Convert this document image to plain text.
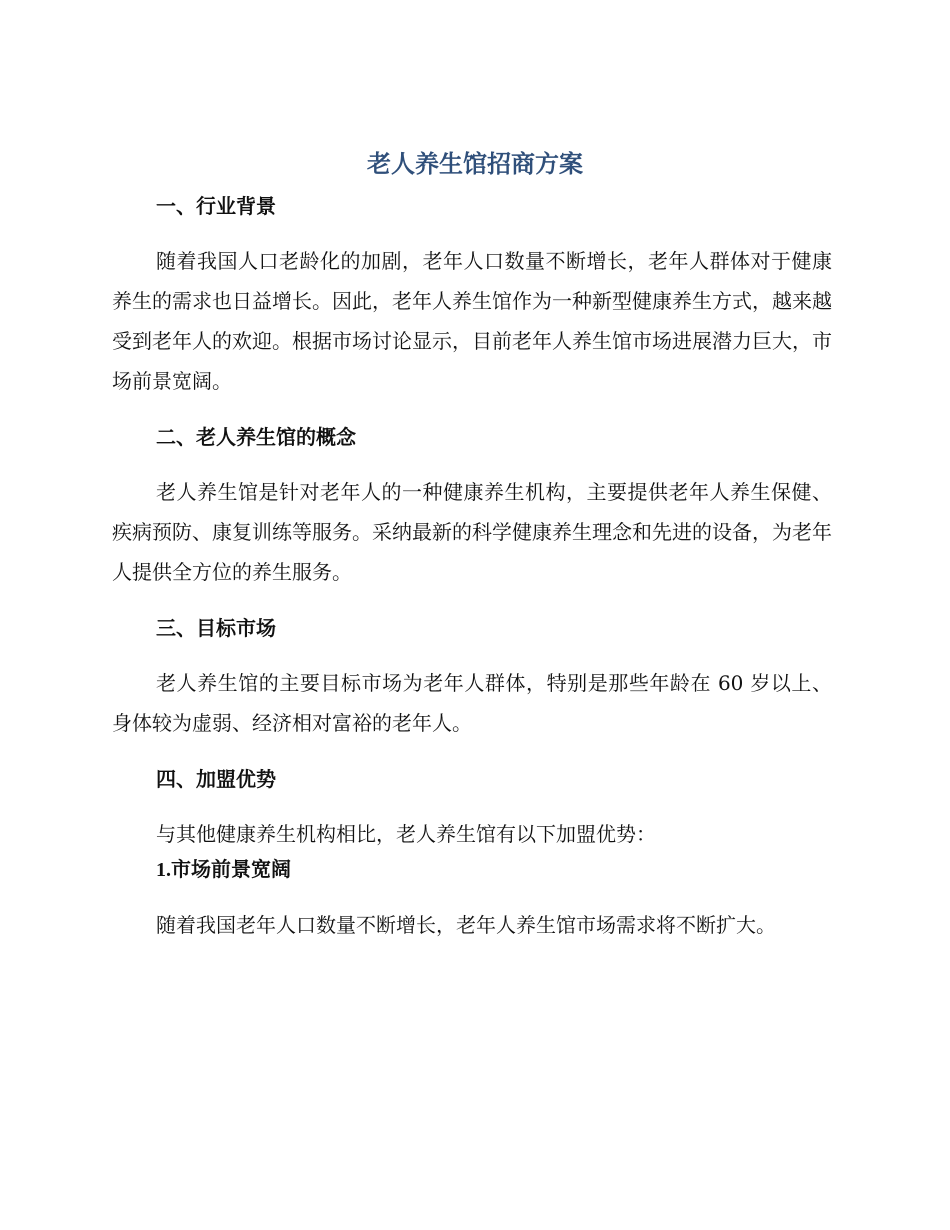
老人养生馆招商方案
一、行业背景

随着我国人口老龄化的加剧，老年人口数量不断增长，老年人群体对于健康养生的需求也日益增长。因此，老年人养生馆作为一种新型健康养生方式，越来越受到老年人的欢迎。根据市场讨论显示，目前老年人养生馆市场进展潜力巨大，市场前景宽阔。

二、老人养生馆的概念

老人养生馆是针对老年人的一种健康养生机构，主要提供老年人养生保健、疾病预防、康复训练等服务。采纳最新的科学健康养生理念和先进的设备，为老年人提供全方位的养生服务。

三、目标市场

老人养生馆的主要目标市场为老年人群体，特别是那些年龄在 60 岁以上、身体较为虚弱、经济相对富裕的老年人。

四、加盟优势

与其他健康养生机构相比，老人养生馆有以下加盟优势：

1.市场前景宽阔

随着我国老年人口数量不断增长，老年人养生馆市场需求将不断扩大。
